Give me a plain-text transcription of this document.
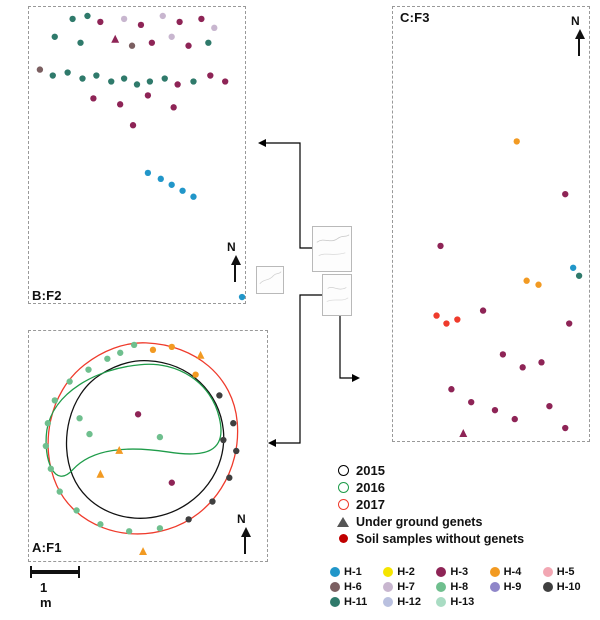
B:F2
N
A:F1
N
C:F3	N
1 m
2015
2016
2017
Under ground genets
Soil samples without genets
H-1	H-2	H-3	H-4	H-5
H-6	H-7	H-8	H-9	H-10
H-11	H-12	H-13
